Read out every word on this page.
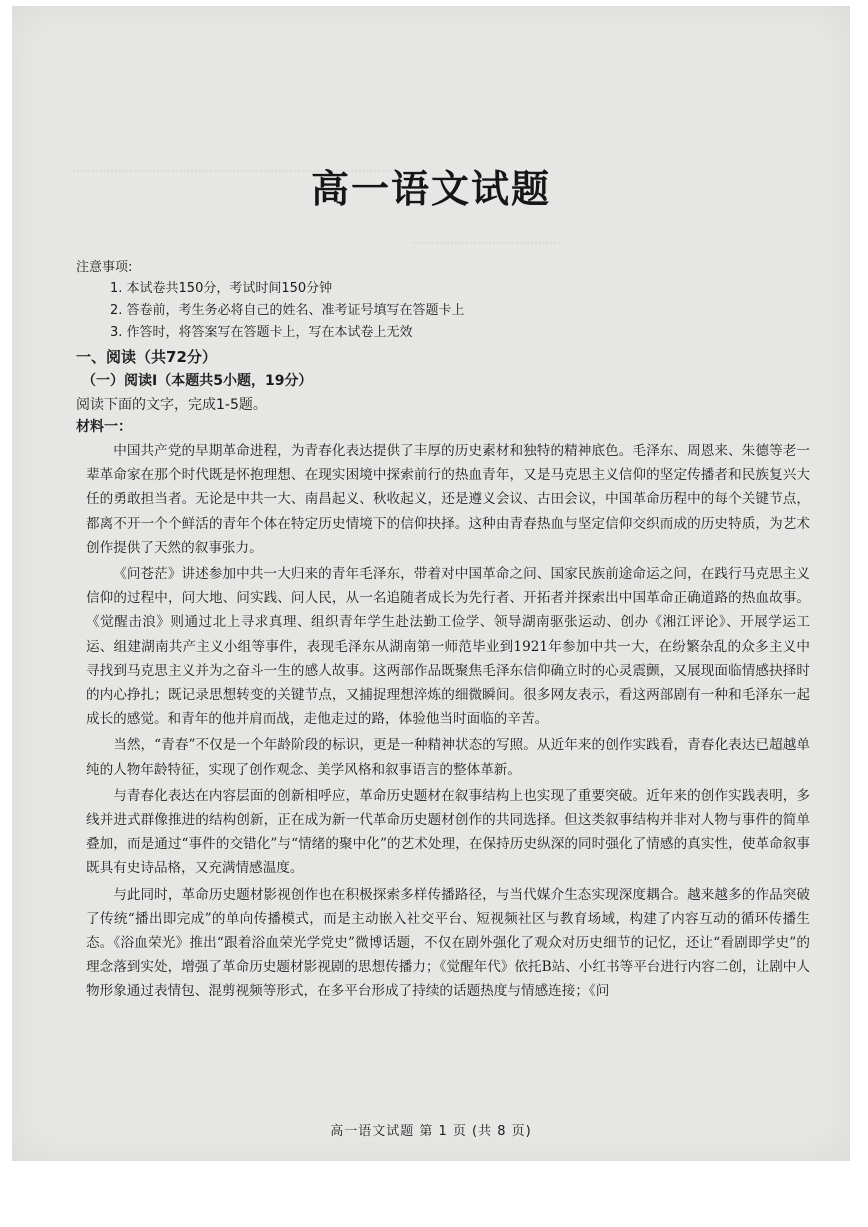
·····················································································
·······································
高一语文试题
注意事项:
1. 本试卷共150分，考试时间150分钟
2. 答卷前，考生务必将自己的姓名、准考证号填写在答题卡上
3. 作答时，将答案写在答题卡上，写在本试卷上无效
一、阅读（共72分）
（一）阅读Ⅰ（本题共5小题，19分）
阅读下面的文字，完成1-5题。
材料一：

中国共产党的早期革命进程，为青春化表达提供了丰厚的历史素材和独特的精神底色。毛泽东、周恩来、朱德等老一辈革命家在那个时代既是怀抱理想、在现实困境中探索前行的热血青年，又是马克思主义信仰的坚定传播者和民族复兴大任的勇敢担当者。无论是中共一大、南昌起义、秋收起义，还是遵义会议、古田会议，中国革命历程中的每个关键节点，都离不开一个个鲜活的青年个体在特定历史情境下的信仰抉择。这种由青春热血与坚定信仰交织而成的历史特质，为艺术创作提供了天然的叙事张力。

《问苍茫》讲述参加中共一大归来的青年毛泽东，带着对中国革命之问、国家民族前途命运之问，在践行马克思主义信仰的过程中，问大地、问实践、问人民，从一名追随者成长为先行者、开拓者并探索出中国革命正确道路的热血故事。《觉醒击浪》则通过北上寻求真理、组织青年学生赴法勤工俭学、领导湖南驱张运动、创办《湘江评论》、开展学运工运、组建湖南共产主义小组等事件，表现毛泽东从湖南第一师范毕业到1921年参加中共一大，在纷繁杂乱的众多主义中寻找到马克思主义并为之奋斗一生的感人故事。这两部作品既聚焦毛泽东信仰确立时的心灵震颤，又展现面临情感抉择时的内心挣扎；既记录思想转变的关键节点，又捕捉理想淬炼的细微瞬间。很多网友表示，看这两部剧有一种和毛泽东一起成长的感觉。和青年的他并肩而战，走他走过的路，体验他当时面临的辛苦。

当然，“青春”不仅是一个年龄阶段的标识，更是一种精神状态的写照。从近年来的创作实践看，青春化表达已超越单纯的人物年龄特征，实现了创作观念、美学风格和叙事语言的整体革新。

与青春化表达在内容层面的创新相呼应，革命历史题材在叙事结构上也实现了重要突破。近年来的创作实践表明，多线并进式群像推进的结构创新，正在成为新一代革命历史题材创作的共同选择。但这类叙事结构并非对人物与事件的简单叠加，而是通过“事件的交错化”与“情绪的聚中化”的艺术处理，在保持历史纵深的同时强化了情感的真实性，使革命叙事既具有史诗品格，又充满情感温度。

与此同时，革命历史题材影视创作也在积极探索多样传播路径，与当代媒介生态实现深度耦合。越来越多的作品突破了传统“播出即完成”的单向传播模式，而是主动嵌入社交平台、短视频社区与教育场域，构建了内容互动的循环传播生态。《浴血荣光》推出“跟着浴血荣光学党史”微博话题，不仅在剧外强化了观众对历史细节的记忆，还让“看剧即学史”的理念落到实处，增强了革命历史题材影视剧的思想传播力；《觉醒年代》依托B站、小红书等平台进行内容二创，让剧中人物形象通过表情包、混剪视频等形式，在多平台形成了持续的话题热度与情感连接；《问

高一语文试题 第 1 页 (共 8 页)
